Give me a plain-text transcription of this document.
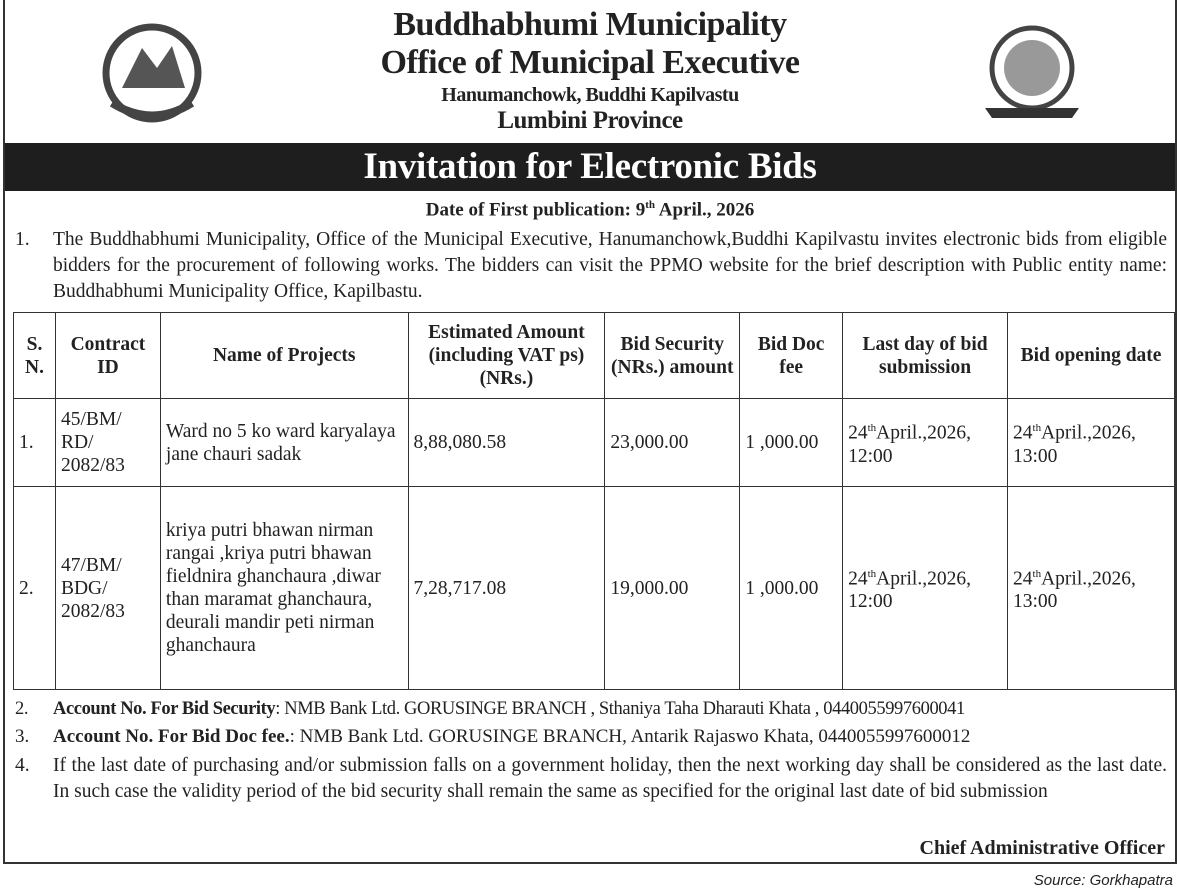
Buddhabhumi Municipality
Office of Municipal Executive
Hanumanchowk, Buddhi Kapilvastu
Lumbini Province
Invitation for Electronic Bids
Date of First publication: 9th April., 2026
1. The Buddhabhumi Municipality, Office of the Municipal Executive, Hanumanchowk,Buddhi Kapilvastu invites electronic bids from eligible bidders for the procurement of following works. The bidders can visit the PPMO website for the brief description with Public entity name: Buddhabhumi Municipality Office, Kapilbastu.
S. N.	Contract ID	Name of Projects	Estimated Amount (including VAT ps) (NRs.)	Bid Security (NRs.) amount	Bid Doc fee	Last day of bid submission	Bid opening date
1.	45/BM/ RD/ 2082/83	Ward no 5 ko ward karyalaya jane chauri sadak	8,88,080.58	23,000.00	1 ,000.00	24thApril.,2026, 12:00	24thApril.,2026, 13:00
2.	47/BM/ BDG/ 2082/83	kriya putri bhawan nirman rangai ,kriya putri bhawan fieldnira ghanchaura ,diwar than maramat ghanchaura, deurali mandir peti nirman ghanchaura	7,28,717.08	19,000.00	1 ,000.00	24thApril.,2026, 12:00	24thApril.,2026, 13:00
2. Account No. For Bid Security: NMB Bank Ltd. GORUSINGE BRANCH , Sthaniya Taha Dharauti Khata , 0440055997600041
3. Account No. For Bid Doc fee.: NMB Bank Ltd. GORUSINGE BRANCH, Antarik Rajaswo Khata, 0440055997600012
4. If the last date of purchasing and/or submission falls on a government holiday, then the next working day shall be considered as the last date. In such case the validity period of the bid security shall remain the same as specified for the original last date of bid submission
Chief Administrative Officer
Source: Gorkhapatra
